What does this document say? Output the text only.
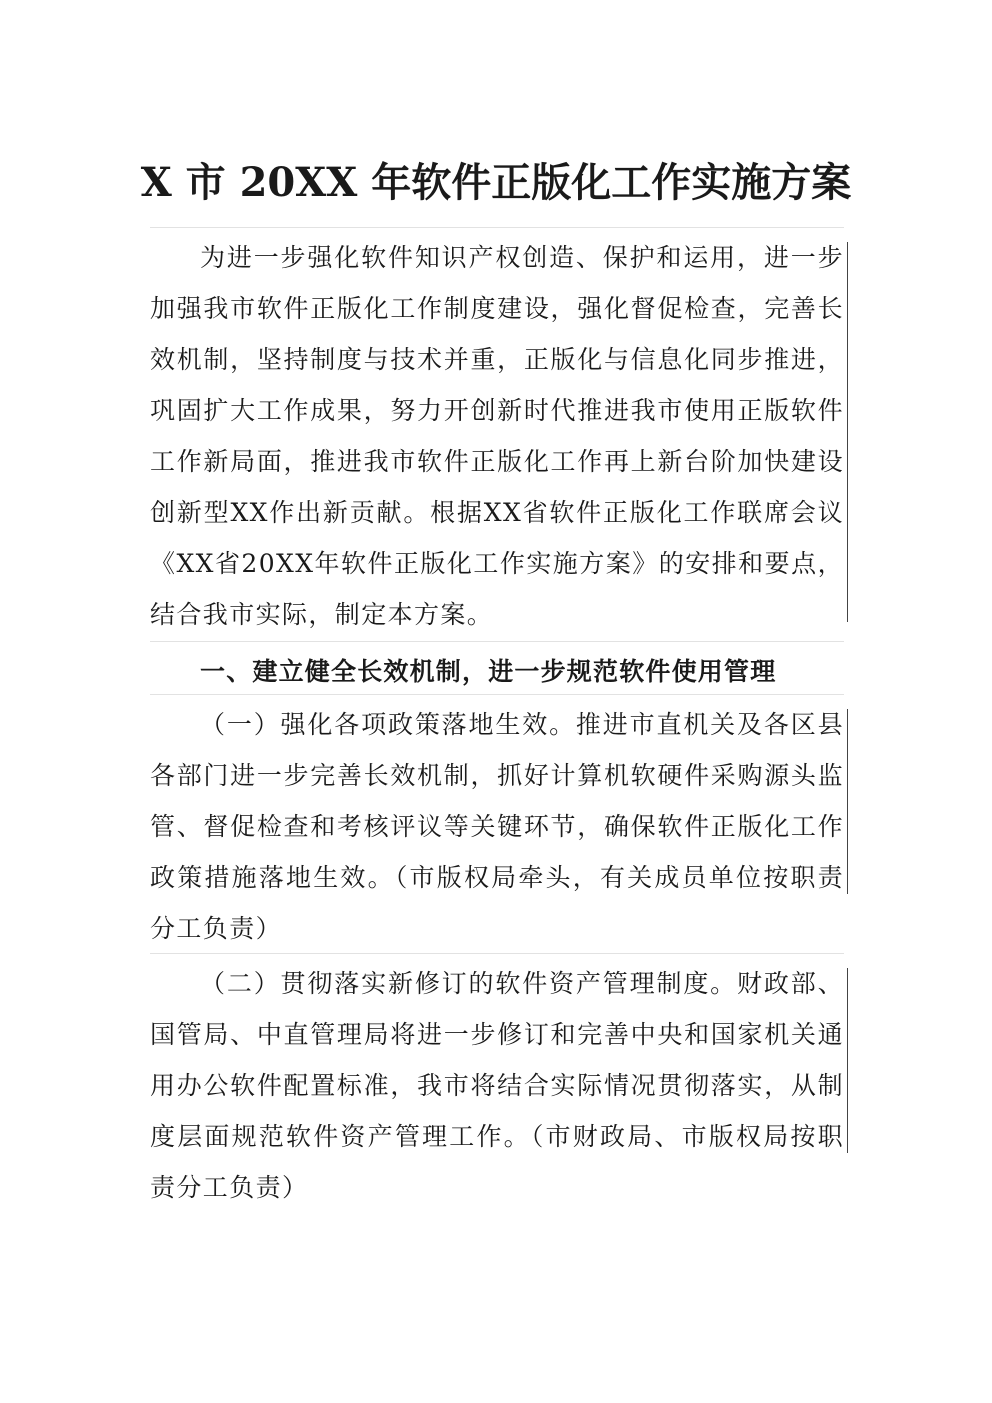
X 市 20XX 年软件正版化工作实施方案

为进一步强化软件知识产权创造、保护和运用，进一步加强我市软件正版化工作制度建设，强化督促检查，完善长效机制，坚持制度与技术并重，正版化与信息化同步推进，巩固扩大工作成果，努力开创新时代推进我市使用正版软件工作新局面，推进我市软件正版化工作再上新台阶加快建设创新型XX作出新贡献。根据XX省软件正版化工作联席会议《XX省20XX年软件正版化工作实施方案》的安排和要点，结合我市实际，制定本方案。

一、建立健全长效机制，进一步规范软件使用管理

（一）强化各项政策落地生效。推进市直机关及各区县各部门进一步完善长效机制，抓好计算机软硬件采购源头监管、督促检查和考核评议等关键环节，确保软件正版化工作政策措施落地生效。（市版权局牵头，有关成员单位按职责分工负责）

（二）贯彻落实新修订的软件资产管理制度。财政部、国管局、中直管理局将进一步修订和完善中央和国家机关通用办公软件配置标准，我市将结合实际情况贯彻落实，从制度层面规范软件资产管理工作。（市财政局、市版权局按职责分工负责）
